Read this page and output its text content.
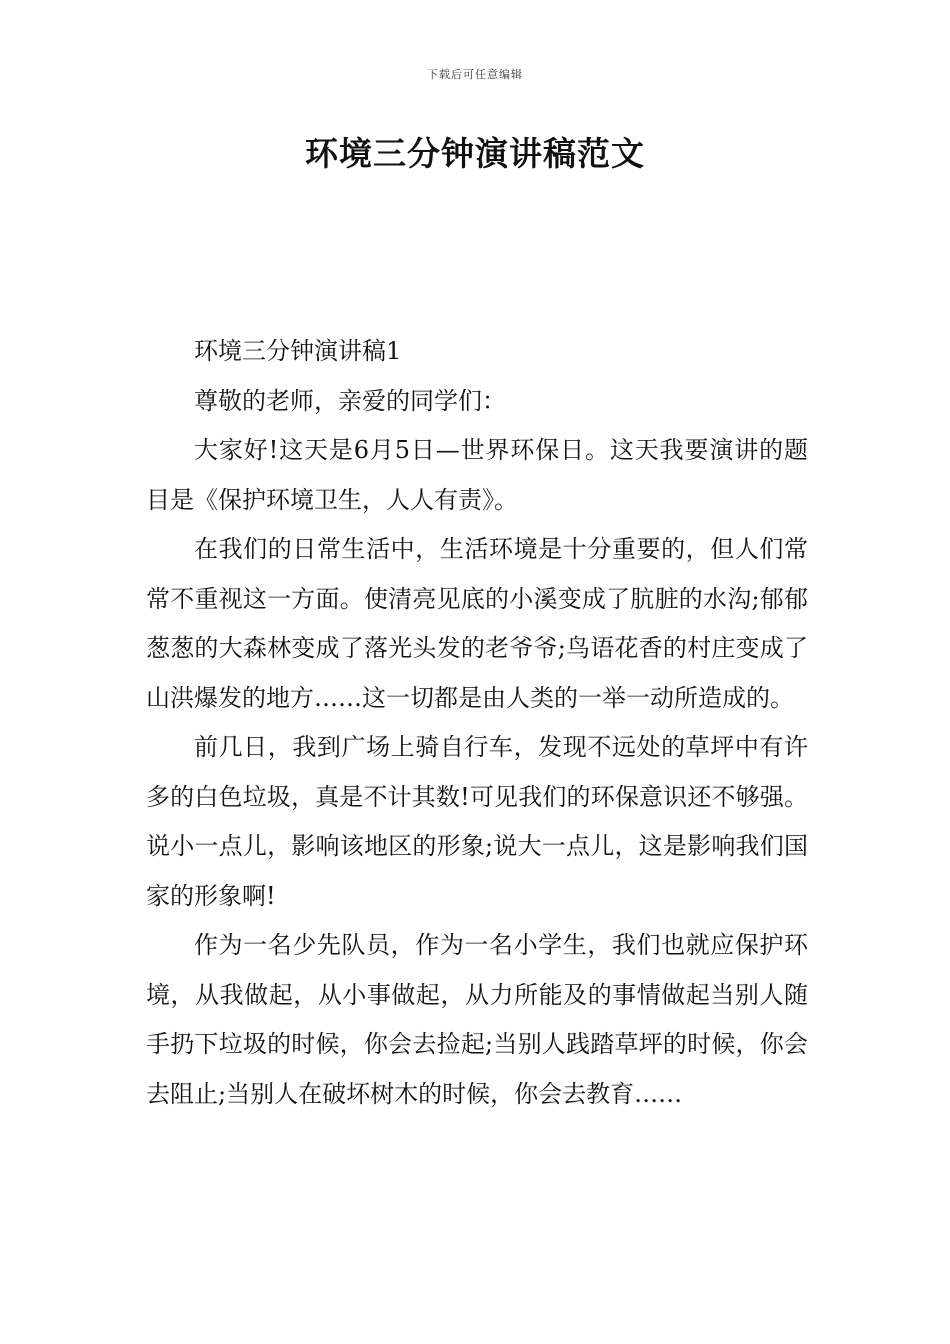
下载后可任意编辑
环境三分钟演讲稿范文

环境三分钟演讲稿1

尊敬的老师，亲爱的同学们：

大家好!这天是6月5日—世界环保日。这天我要演讲的题目是《保护环境卫生，人人有责》。

在我们的日常生活中，生活环境是十分重要的，但人们常常不重视这一方面。使清亮见底的小溪变成了肮脏的水沟;郁郁葱葱的大森林变成了落光头发的老爷爷;鸟语花香的村庄变成了山洪爆发的地方……这一切都是由人类的一举一动所造成的。

前几日，我到广场上骑自行车，发现不远处的草坪中有许多的白色垃圾，真是不计其数!可见我们的环保意识还不够强。说小一点儿，影响该地区的形象;说大一点儿，这是影响我们国家的形象啊!

作为一名少先队员，作为一名小学生，我们也就应保护环境，从我做起，从小事做起，从力所能及的事情做起当别人随手扔下垃圾的时候，你会去捡起;当别人践踏草坪的时候，你会去阻止;当别人在破坏树木的时候，你会去教育……
